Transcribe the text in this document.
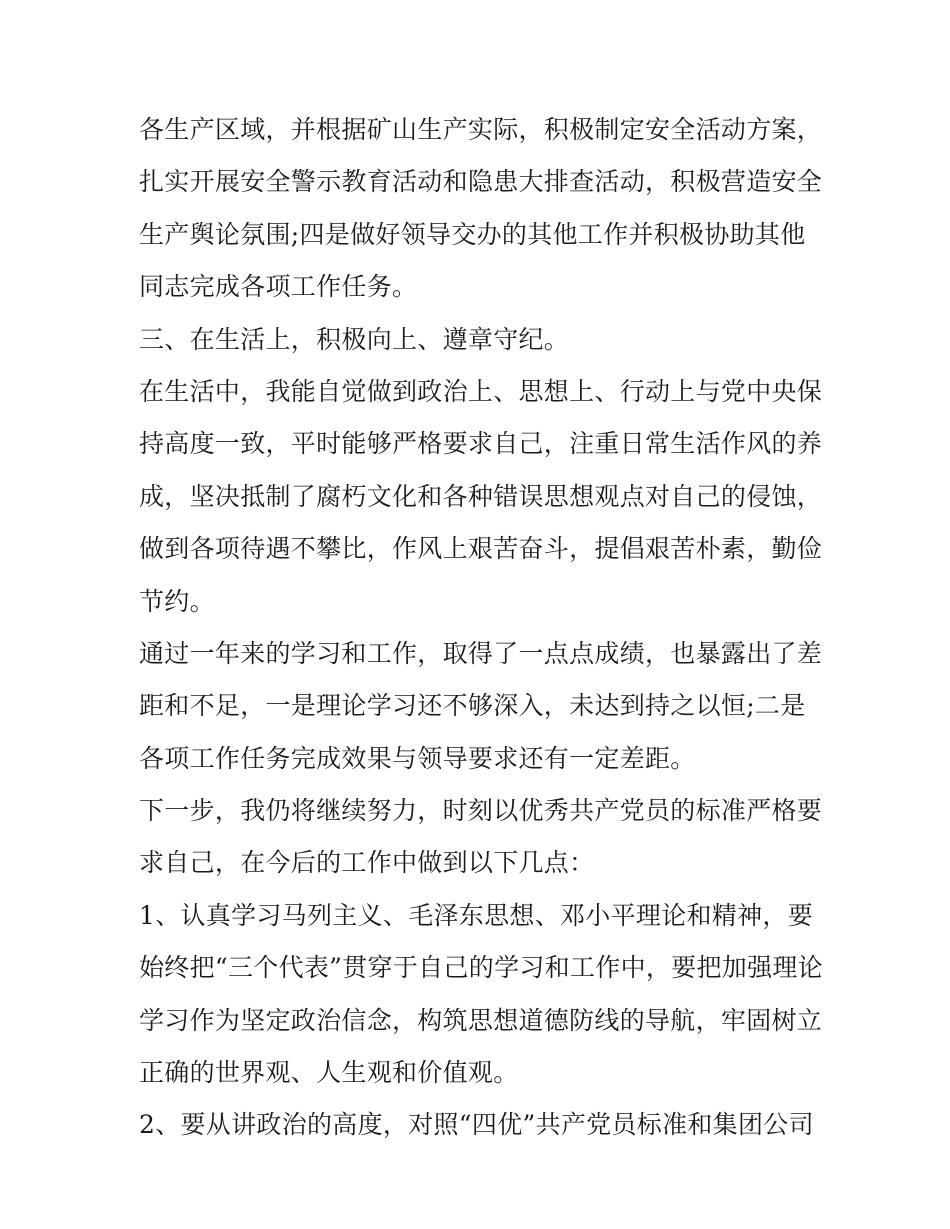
各生产区域，并根据矿山生产实际，积极制定安全活动方案，
扎实开展安全警示教育活动和隐患大排查活动，积极营造安全
生产舆论氛围;四是做好领导交办的其他工作并积极协助其他
同志完成各项工作任务。
三、在生活上，积极向上、遵章守纪。
在生活中，我能自觉做到政治上、思想上、行动上与党中央保
持高度一致，平时能够严格要求自己，注重日常生活作风的养
成，坚决抵制了腐朽文化和各种错误思想观点对自己的侵蚀，
做到各项待遇不攀比，作风上艰苦奋斗，提倡艰苦朴素，勤俭
节约。
通过一年来的学习和工作，取得了一点点成绩，也暴露出了差
距和不足，一是理论学习还不够深入，未达到持之以恒;二是
各项工作任务完成效果与领导要求还有一定差距。
下一步，我仍将继续努力，时刻以优秀共产党员的标准严格要
求自己，在今后的工作中做到以下几点：
1、认真学习马列主义、毛泽东思想、邓小平理论和精神，要
始终把“三个代表”贯穿于自己的学习和工作中，要把加强理论
学习作为坚定政治信念，构筑思想道德防线的导航，牢固树立
正确的世界观、人生观和价值观。
2、要从讲政治的高度，对照“四优”共产党员标准和集团公司
